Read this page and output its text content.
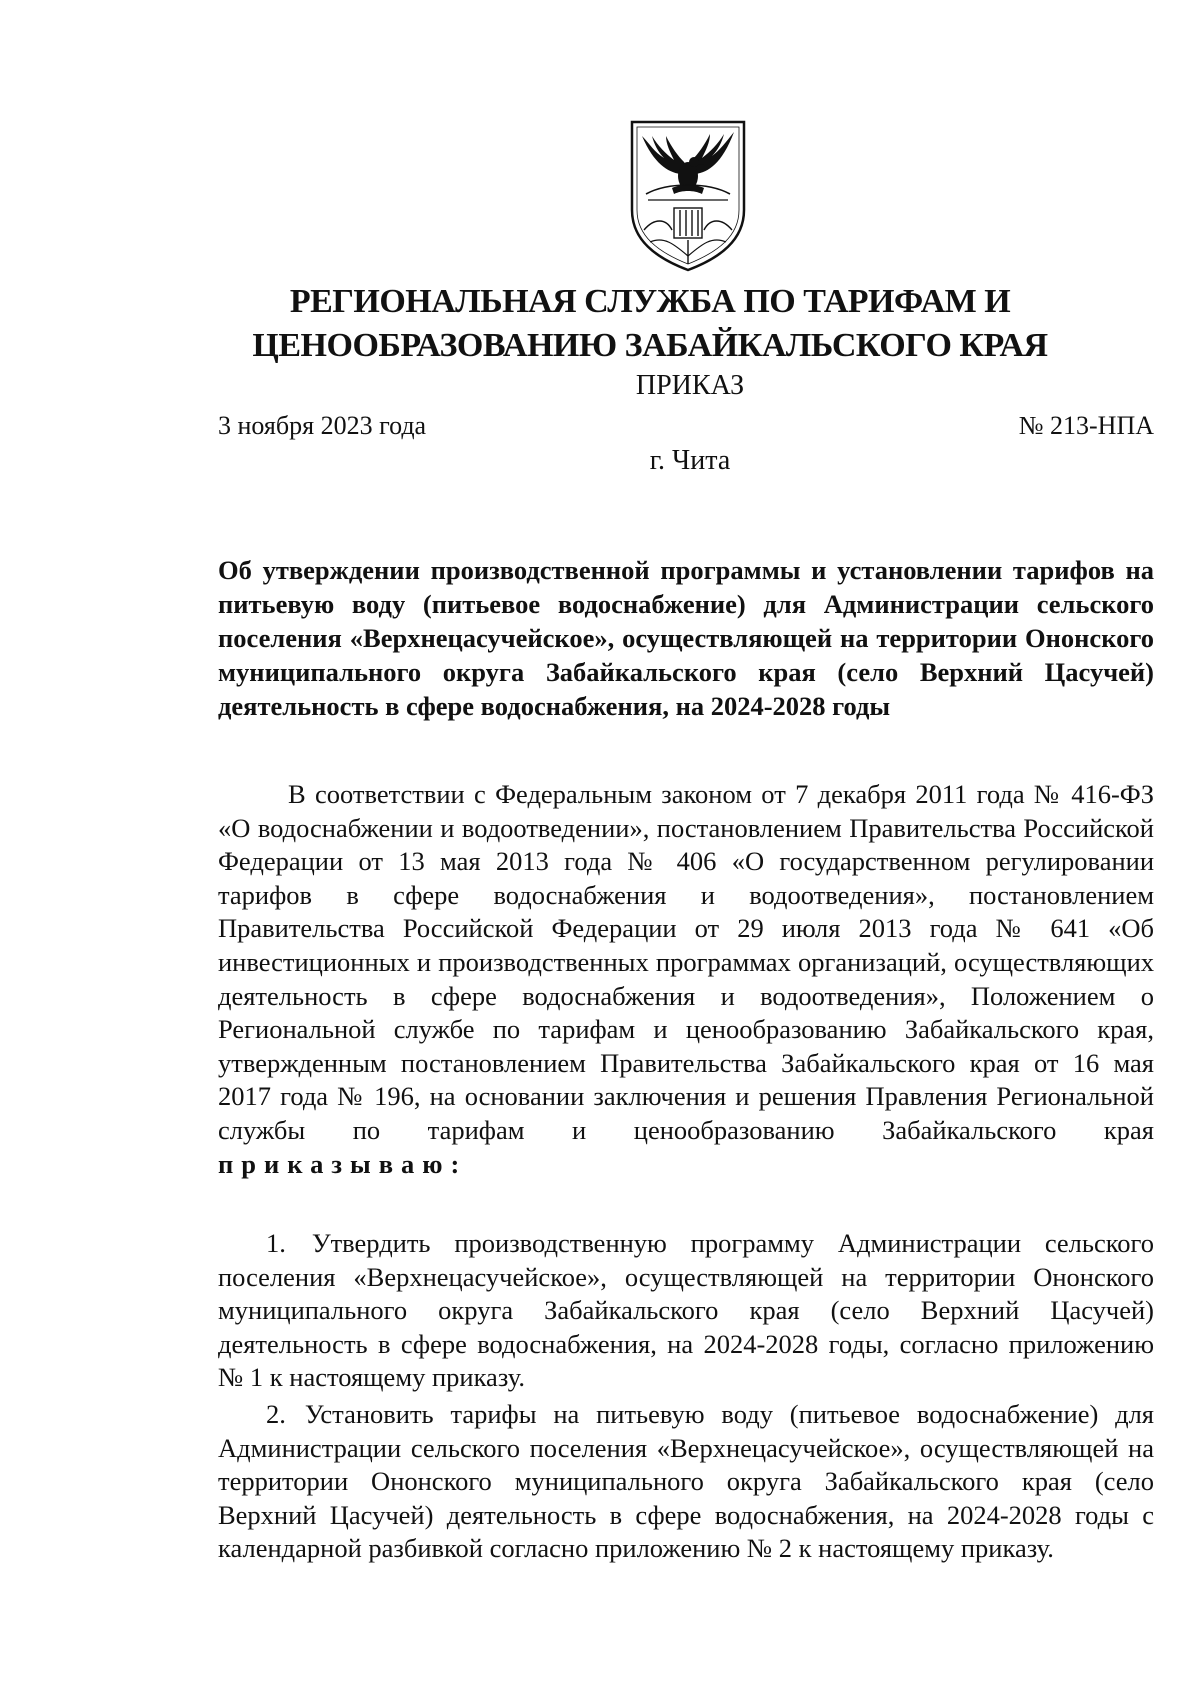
РЕГИОНАЛЬНАЯ СЛУЖБА ПО ТАРИФАМ И ЦЕНООБРАЗОВАНИЮ ЗАБАЙКАЛЬСКОГО КРАЯ
ПРИКАЗ
3 ноября 2023 года	№ 213-НПА
г. Чита
Об утверждении производственной программы и установлении тарифов на питьевую воду (питьевое водоснабжение) для Администрации сельского поселения «Верхнецасучейское», осуществляющей на территории Ононского муниципального округа Забайкальского края (село Верхний Цасучей) деятельность в сфере водоснабжения, на 2024-2028 годы
В соответствии с Федеральным законом от 7 декабря 2011 года № 416-ФЗ «О водоснабжении и водоотведении», постановлением Правительства Российской Федерации от 13 мая 2013 года № 406 «О государственном регулировании тарифов в сфере водоснабжения и водоотведения», постановлением Правительства Российской Федерации от 29 июля 2013 года № 641 «Об инвестиционных и производственных программах организаций, осуществляющих деятельность в сфере водоснабжения и водоотведения», Положением о Региональной службе по тарифам и ценообразованию Забайкальского края, утвержденным постановлением Правительства Забайкальского края от 16 мая 2017 года № 196, на основании заключения и решения Правления Региональной службы по тарифам и ценообразованию Забайкальского края приказываю:
1. Утвердить производственную программу Администрации сельского поселения «Верхнецасучейское», осуществляющей на территории Ононского муниципального округа Забайкальского края (село Верхний Цасучей) деятельность в сфере водоснабжения, на 2024-2028 годы, согласно приложению № 1 к настоящему приказу.
2. Установить тарифы на питьевую воду (питьевое водоснабжение) для Администрации сельского поселения «Верхнецасучейское», осуществляющей на территории Ононского муниципального округа Забайкальского края (село Верхний Цасучей) деятельность в сфере водоснабжения, на 2024-2028 годы с календарной разбивкой согласно приложению № 2 к настоящему приказу.
